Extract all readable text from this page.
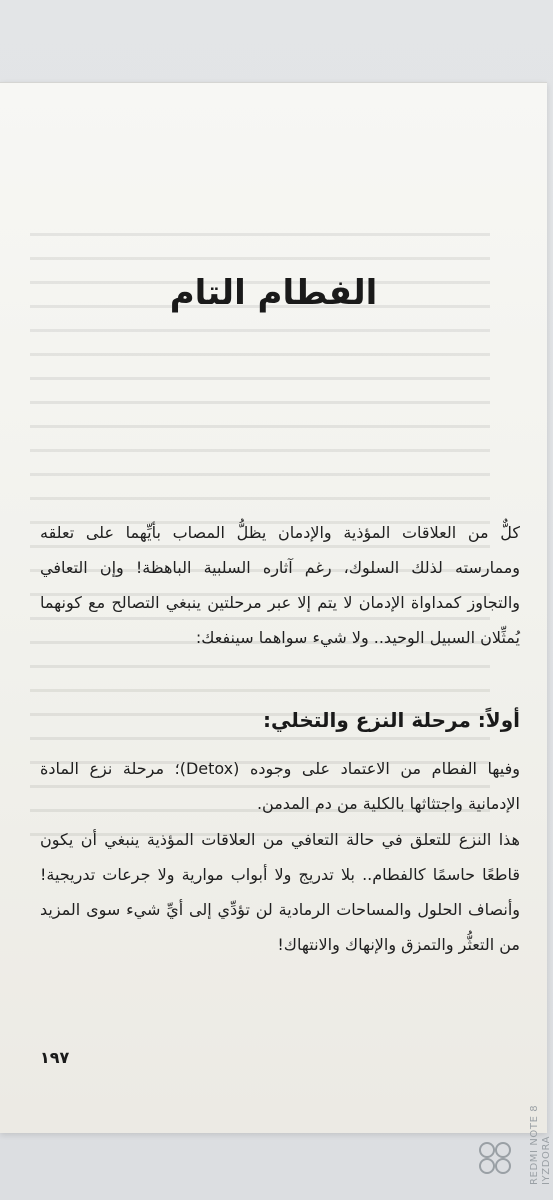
الفطام التام

كلٌّ من العلاقات المؤذية والإدمان يظلُّ المصاب بأيِّهما على تعلقه وممارسته لذلك السلوك، رغم آثاره السلبية الباهظة! وإن التعافي والتجاوز كمداواة الإدمان لا يتم إلا عبر مرحلتين ينبغي التصالح مع كونهما يُمثِّلان السبيل الوحيد.. ولا شيء سواهما سينفعك:

أولاً: مرحلة النزع والتخلي:

وفيها الفطام من الاعتماد على وجوده (Detox)؛ مرحلة نزع المادة الإدمانية واجتثاثها بالكلية من دم المدمن.

هذا النزع للتعلق في حالة التعافي من العلاقات المؤذية ينبغي أن يكون قاطعًا حاسمًا كالفطام.. بلا تدريج ولا أبواب موارية ولا جرعات تدريجية! وأنصاف الحلول والمساحات الرمادية لن تؤدِّي إلى أيِّ شيء سوى المزيد من التعثُّر والتمزق والإنهاك والانتهاك!

١٩٧
REDMI NOTE 8 IYZDORA
